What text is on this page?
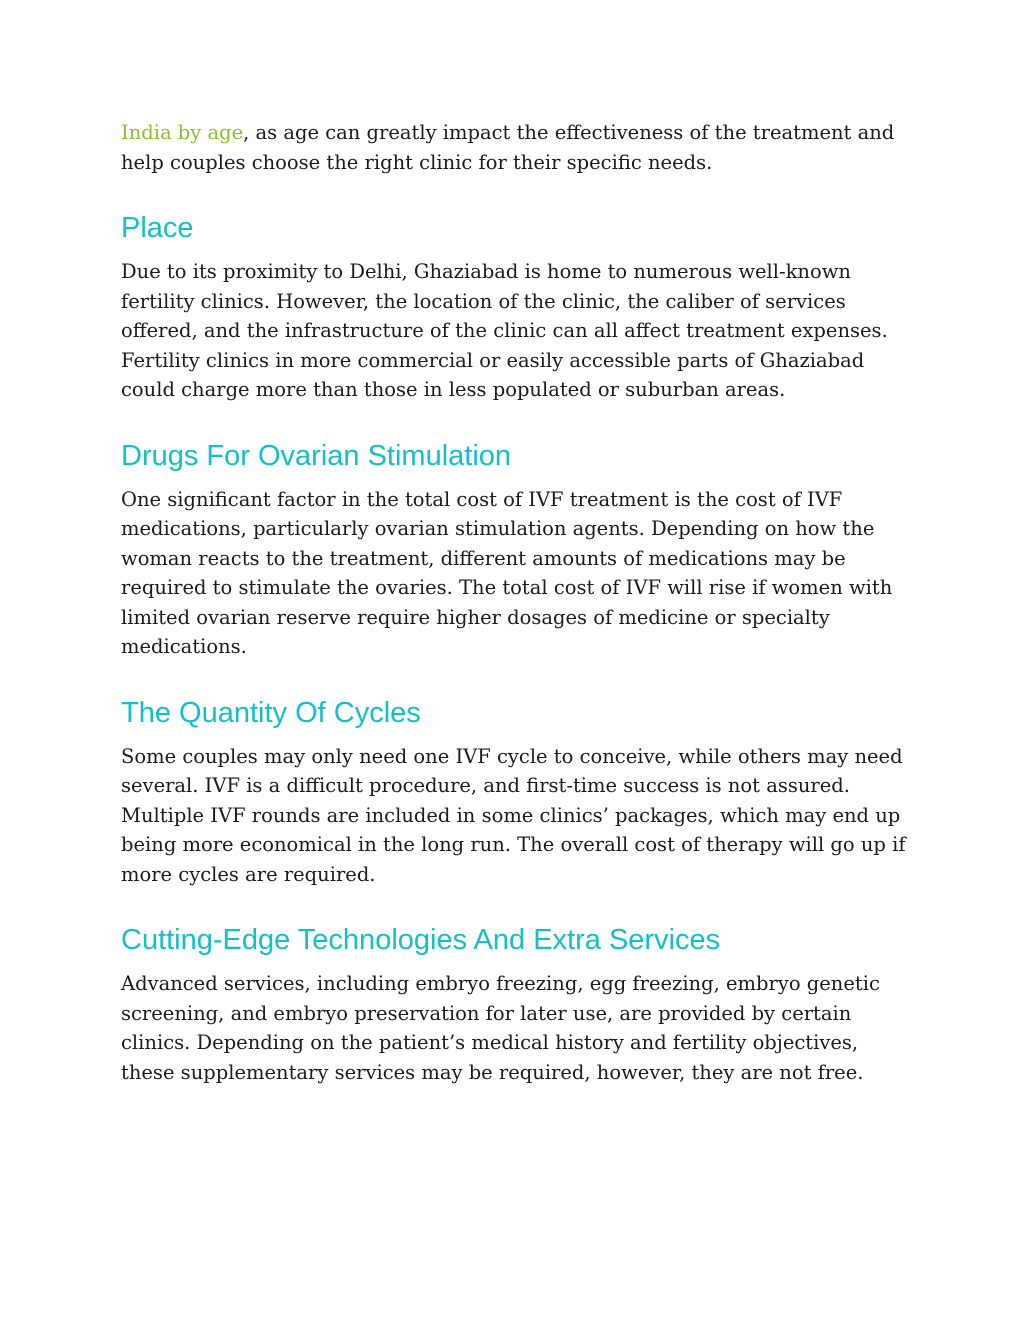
India by age, as age can greatly impact the effectiveness of the treatment and help couples choose the right clinic for their specific needs.

Place

Due to its proximity to Delhi, Ghaziabad is home to numerous well-known fertility clinics. However, the location of the clinic, the caliber of services offered, and the infrastructure of the clinic can all affect treatment expenses. Fertility clinics in more commercial or easily accessible parts of Ghaziabad could charge more than those in less populated or suburban areas.

Drugs For Ovarian Stimulation

One significant factor in the total cost of IVF treatment is the cost of IVF medications, particularly ovarian stimulation agents. Depending on how the woman reacts to the treatment, different amounts of medications may be required to stimulate the ovaries. The total cost of IVF will rise if women with limited ovarian reserve require higher dosages of medicine or specialty medications.

The Quantity Of Cycles

Some couples may only need one IVF cycle to conceive, while others may need several. IVF is a difficult procedure, and first-time success is not assured. Multiple IVF rounds are included in some clinics’ packages, which may end up being more economical in the long run. The overall cost of therapy will go up if more cycles are required.

Cutting-Edge Technologies And Extra Services

Advanced services, including embryo freezing, egg freezing, embryo genetic screening, and embryo preservation for later use, are provided by certain clinics. Depending on the patient’s medical history and fertility objectives, these supplementary services may be required, however, they are not free.
